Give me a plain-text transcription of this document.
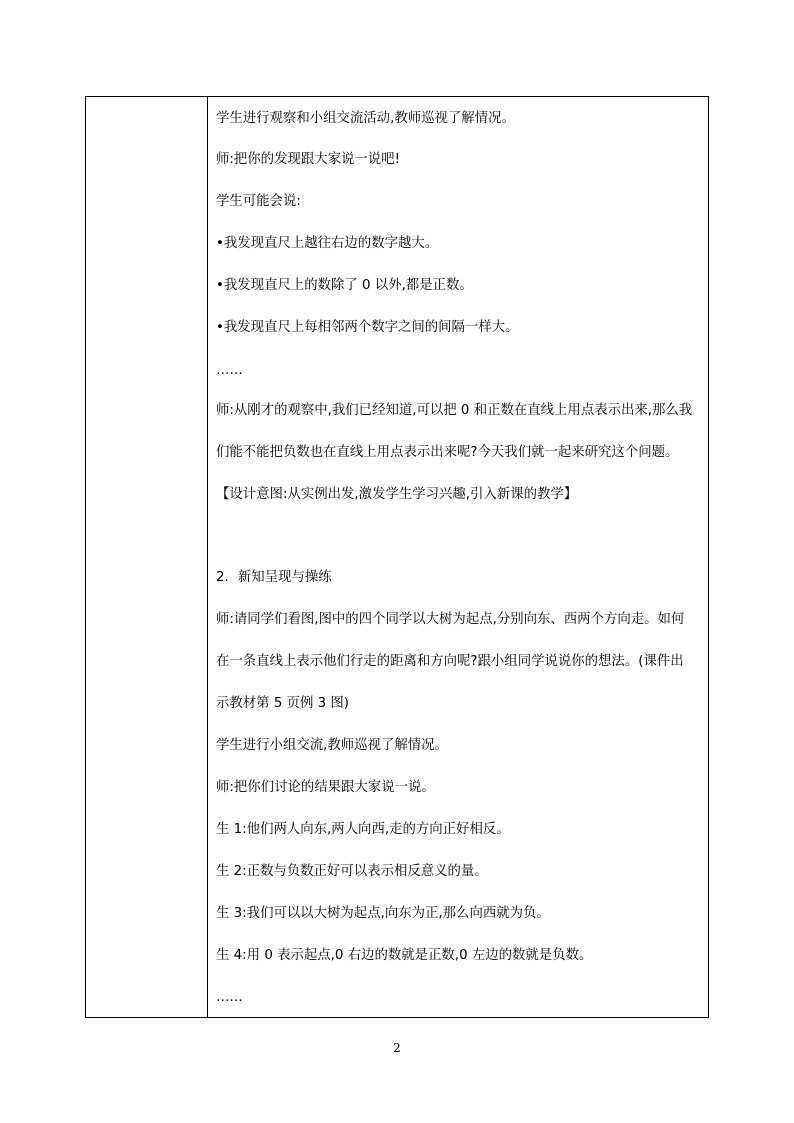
学生进行观察和小组交流活动,教师巡视了解情况。
师:把你的发现跟大家说一说吧!
学生可能会说:
•我发现直尺上越往右边的数字越大。
•我发现直尺上的数除了 0 以外,都是正数。
•我发现直尺上每相邻两个数字之间的间隔一样大。
……
师:从刚才的观察中,我们已经知道,可以把 0 和正数在直线上用点表示出来,那么我
们能不能把负数也在直线上用点表示出来呢?今天我们就一起来研究这个问题。
【设计意图:从实例出发,激发学生学习兴趣,引入新课的教学】
2．新知呈现与操练
师:请同学们看图,图中的四个同学以大树为起点,分别向东、西两个方向走。如何
在一条直线上表示他们行走的距离和方向呢?跟小组同学说说你的想法。(课件出
示教材第 5 页例 3 图)
学生进行小组交流,教师巡视了解情况。
师:把你们讨论的结果跟大家说一说。
生 1:他们两人向东,两人向西,走的方向正好相反。
生 2:正数与负数正好可以表示相反意义的量。
生 3:我们可以以大树为起点,向东为正,那么向西就为负。
生 4:用 0 表示起点,0 右边的数就是正数,0 左边的数就是负数。
……
2
